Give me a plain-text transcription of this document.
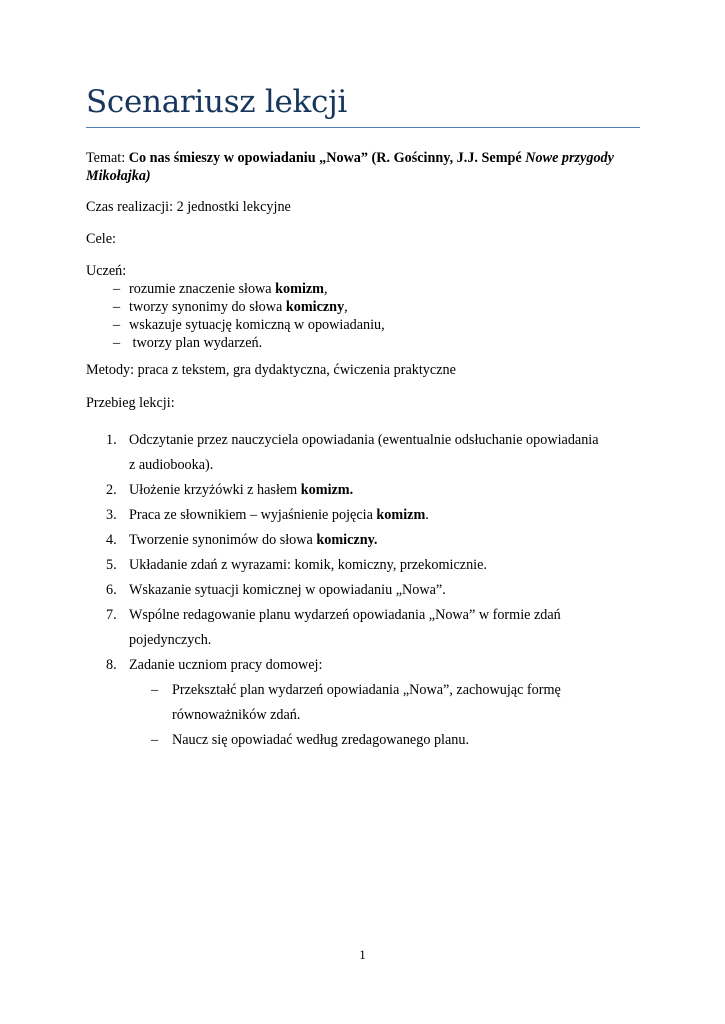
Scenariusz lekcji
Temat: Co nas śmieszy w opowiadaniu „Nowa” (R. Gościnny, J.J. Sempé Nowe przygody Mikołajka)
Czas realizacji: 2 jednostki lekcyjne
Cele:
Uczeń:
– rozumie znaczenie słowa komizm,
– tworzy synonimy do słowa komiczny,
– wskazuje sytuację komiczną w opowiadaniu,
– tworzy plan wydarzeń.
Metody: praca z tekstem, gra dydaktyczna, ćwiczenia praktyczne
Przebieg lekcji:
1. Odczytanie przez nauczyciela opowiadania (ewentualnie odsłuchanie opowiadania
z audiobooka).
2. Ułożenie krzyżówki z hasłem komizm.
3. Praca ze słownikiem – wyjaśnienie pojęcia komizm.
4. Tworzenie synonimów do słowa komiczny.
5. Układanie zdań z wyrazami: komik, komiczny, przekomicznie.
6. Wskazanie sytuacji komicznej w opowiadaniu „Nowa”.
7. Wspólne redagowanie planu wydarzeń opowiadania „Nowa” w formie zdań
pojedynczych.
8. Zadanie uczniom pracy domowej:
– Przekształć plan wydarzeń opowiadania „Nowa”, zachowując formę
równoważników zdań.
– Naucz się opowiadać według zredagowanego planu.
1
